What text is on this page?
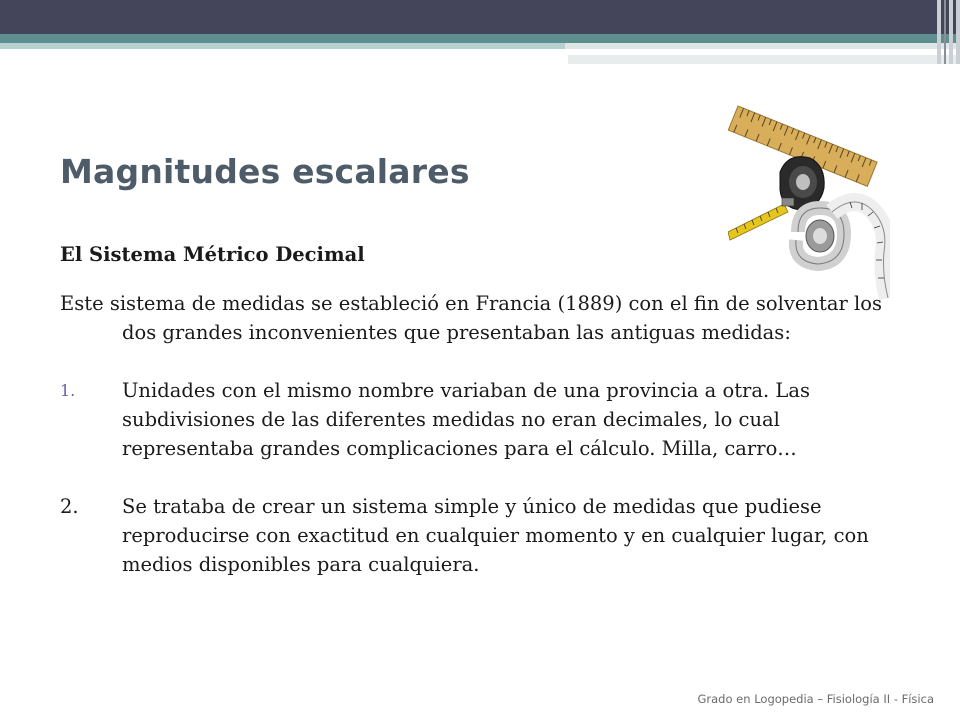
Magnitudes escalares

El Sistema Métrico Decimal

Este sistema de medidas se estableció en Francia (1889) con el fin de solventar los dos grandes inconvenientes que presentaban las antiguas medidas:

1. Unidades con el mismo nombre variaban de una provincia a otra. Las subdivisiones de las diferentes medidas no eran decimales, lo cual representaba grandes complicaciones para el cálculo. Milla, carro…
2. Se trataba de crear un sistema simple y único de medidas que pudiese reproducirse con exactitud en cualquier momento y en cualquier lugar, con medios disponibles para cualquiera.
Grado en Logopedia – Fisiología II - Física
